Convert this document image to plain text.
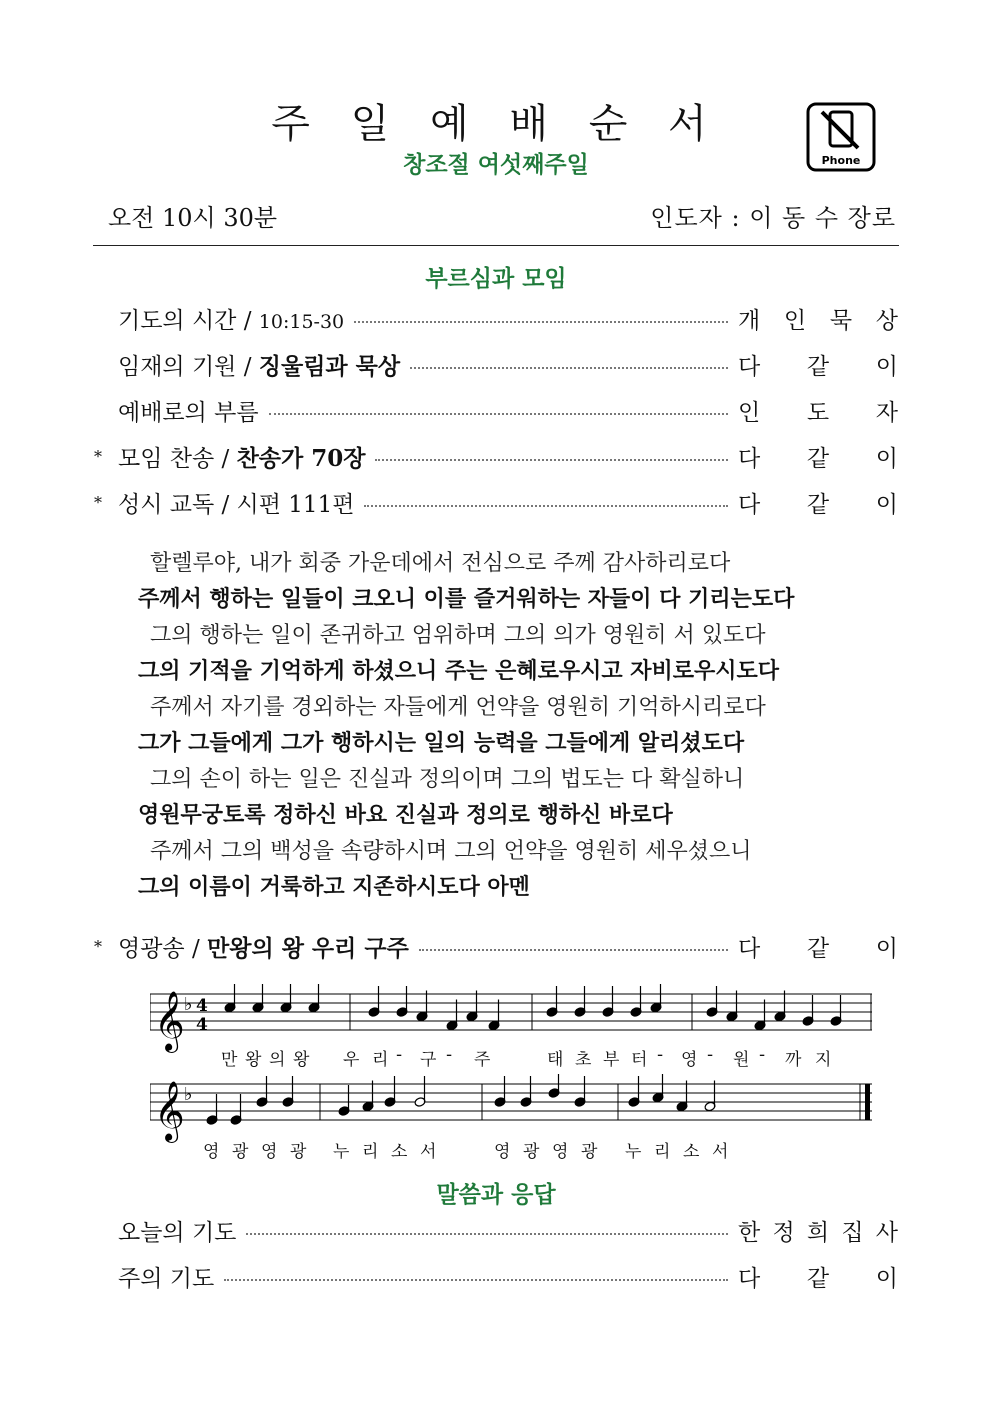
주 일 예 배 순 서
창조절 여섯째주일	Phone
오전 10시 30분	인도자 : 이 동 수 장로
부르심과 모임
기도의 시간 / 10:15-30	개 인 묵 상
임재의 기원 / 징울림과 묵상	다 같 이
예배로의 부름	인 도 자
* 모임 찬송 / 찬송가 70장	다 같 이
* 성시 교독 / 시편 111편	다 같 이
* 영광송 / 만왕의 왕 우리 구주	다 같 이
오늘의 기도	한 정 희 집 사
주의 기도	다 같 이
할렐루야, 내가 회중 가운데에서 전심으로 주께 감사하리로다
주께서 행하는 일들이 크오니 이를 즐거워하는 자들이 다 기리는도다
그의 행하는 일이 존귀하고 엄위하며 그의 의가 영원히 서 있도다
그의 기적을 기억하게 하셨으니 주는 은혜로우시고 자비로우시도다
주께서 자기를 경외하는 자들에게 언약을 영원히 기억하시리로다
그가 그들에게 그가 행하시는 일의 능력을 그들에게 알리셨도다
그의 손이 하는 일은 진실과 정의이며 그의 법도는 다 확실하니
영원무궁토록 정하신 바요 진실과 정의로 행하신 바로다
주께서 그의 백성을 속량하시며 그의 언약을 영원히 세우셨으니
그의 이름이 거룩하고 지존하시도다 아멘
𝄞 ♭ 4
4
𝄞 ♭
만 왕 의 왕 우 리 - 구 - 주	태 초 부 터 - 영 - 원 - 까 지
영 광 영 광 누 리 소 서	영 광 영 광 누 리 소 서
말씀과 응답
